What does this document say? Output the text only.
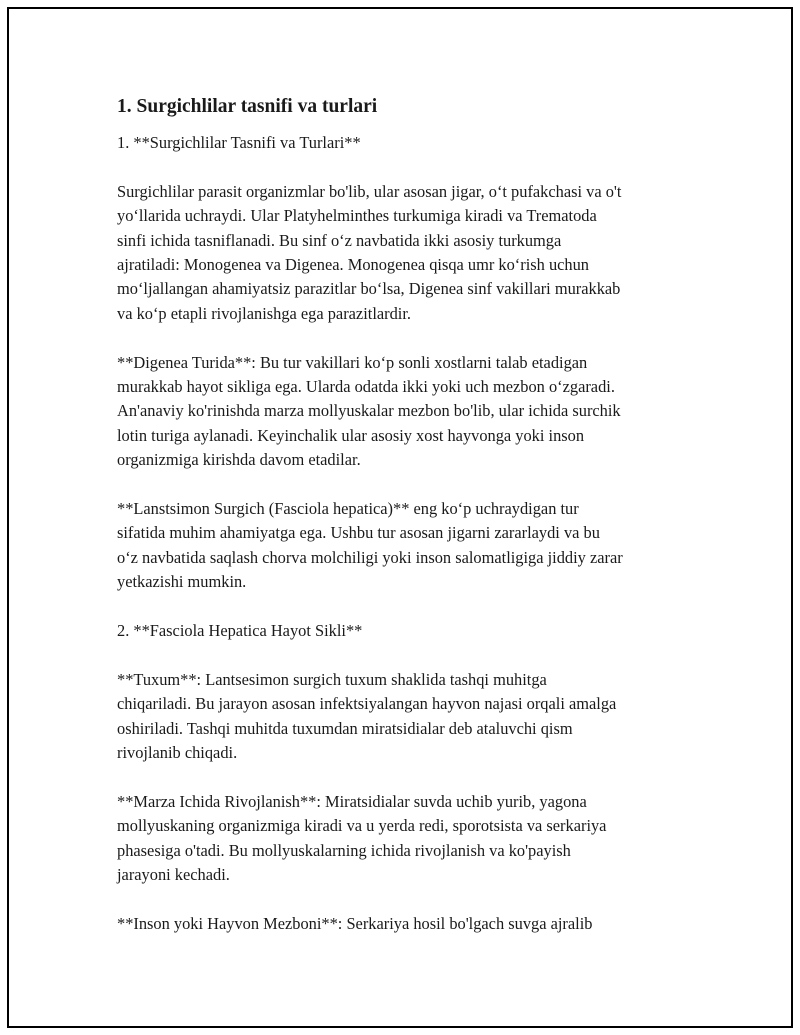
1. Surgichlilar tasnifi va turlari

1. **Surgichlilar Tasnifi va Turlari**

Surgichlilar parasit organizmlar bo'lib, ular asosan jigar, o‘t pufakchasi va o't
yo‘llarida uchraydi. Ular Platyhelminthes turkumiga kiradi va Trematoda
sinfi ichida tasniflanadi. Bu sinf o‘z navbatida ikki asosiy turkumga
ajratiladi: Monogenea va Digenea. Monogenea qisqa umr ko‘rish uchun
mo‘ljallangan ahamiyatsiz parazitlar bo‘lsa, Digenea sinf vakillari murakkab
va ko‘p etapli rivojlanishga ega parazitlardir.

**Digenea Turida**: Bu tur vakillari ko‘p sonli xostlarni talab etadigan
murakkab hayot sikliga ega. Ularda odatda ikki yoki uch mezbon o‘zgaradi.
An'anaviy ko'rinishda marza mollyuskalar mezbon bo'lib, ular ichida surchik
lotin turiga aylanadi. Keyinchalik ular asosiy xost hayvonga yoki inson
organizmiga kirishda davom etadilar.

**Lanstsimon Surgich (Fasciola hepatica)** eng ko‘p uchraydigan tur
sifatida muhim ahamiyatga ega. Ushbu tur asosan jigarni zararlaydi va bu
o‘z navbatida saqlash chorva molchiligi yoki inson salomatligiga jiddiy zarar
yetkazishi mumkin.

2. **Fasciola Hepatica Hayot Sikli**

**Tuxum**: Lantsesimon surgich tuxum shaklida tashqi muhitga
chiqariladi. Bu jarayon asosan infektsiyalangan hayvon najasi orqali amalga
oshiriladi. Tashqi muhitda tuxumdan miratsidialar deb ataluvchi qism
rivojlanib chiqadi.

**Marza Ichida Rivojlanish**: Miratsidialar suvda uchib yurib, yagona
mollyuskaning organizmiga kiradi va u yerda redi, sporotsista va serkariya
phasesiga o'tadi. Bu mollyuskalarning ichida rivojlanish va ko'payish
jarayoni kechadi.

**Inson yoki Hayvon Mezboni**: Serkariya hosil bo'lgach suvga ajralib
